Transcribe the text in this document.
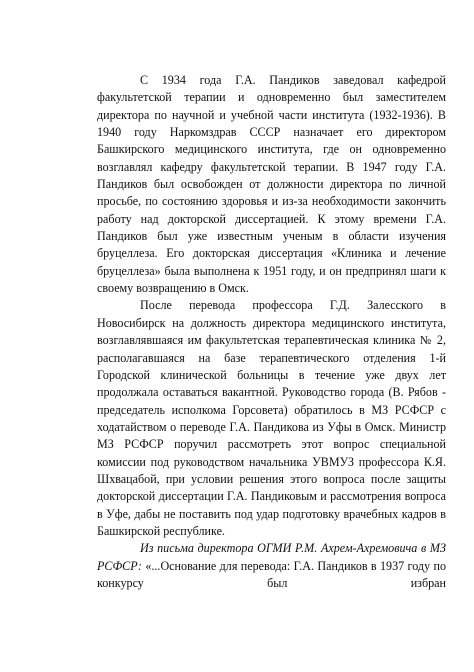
С 1934 года Г.А. Пандиков заведовал кафедрой факультетской терапии и одновременно был заместителем директора по научной и учебной части института (1932-1936). В 1940 году Наркомздрав СССР назначает его директором Башкирского медицинского института, где он одновременно возглавлял кафедру факультетской терапии. В 1947 году Г.А. Пандиков был освобожден от должности директора по личной просьбе, по состоянию здоровья и из-за необходимости закончить работу над докторской диссертацией. К этому времени Г.А. Пандиков был уже известным ученым в области изучения бруцеллеза. Его докторская диссертация «Клиника и лечение бруцеллеза» была выполнена к 1951 году, и он предпринял шаги к своему возвращению в Омск.

После перевода профессора Г.Д. Залесского в Новосибирск на должность директора медицинского института, возглавлявшаяся им факультетская терапевтическая клиника № 2, располагавшаяся на базе терапевтического отделения 1-й Городской клинической больницы в течение уже двух лет продолжала оставаться вакантной. Руководство города (В. Рябов - председатель исполкома Горсовета) обратилось в МЗ РСФСР с ходатайством о переводе Г.А. Пандикова из Уфы в Омск. Министр МЗ РСФСР поручил рассмотреть этот вопрос специальной комиссии под руководством начальника УВМУЗ профессора К.Я. Шхвацабой, при условии решения этого вопроса после защиты докторской диссертации Г.А. Пандиковым и рассмотрения вопроса в Уфе, дабы не поставить под удар подготовку врачебных кадров в Башкирской республике.

Из письма директора ОГМИ Р.М. Ахрем-Ахремовича в МЗ РСФСР: «...Основание для перевода: Г.А. Пандиков в 1937 году по конкурсу был избран
